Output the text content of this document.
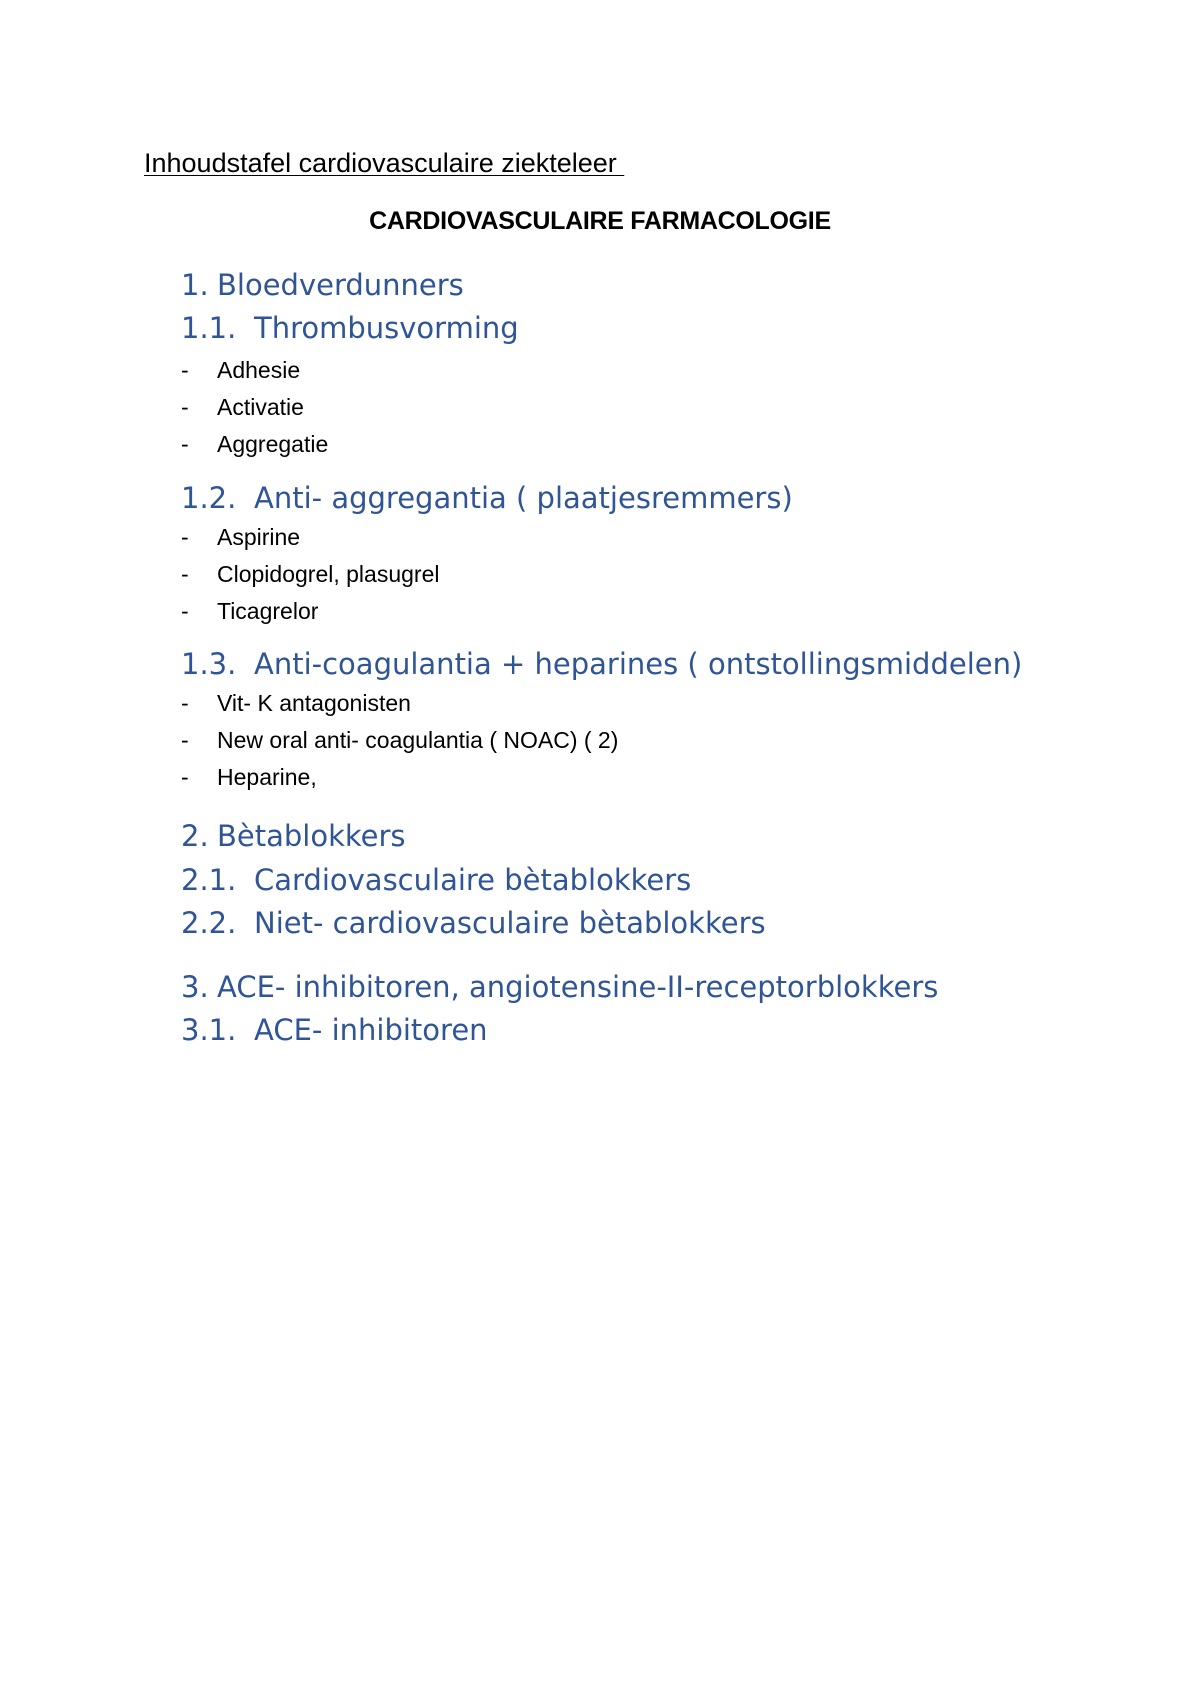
Inhoudstafel cardiovasculaire ziekteleer
CARDIOVASCULAIRE FARMACOLOGIE
1. Bloedverdunners
1.1. Thrombusvorming
- Adhesie
- Activatie
- Aggregatie
1.2. Anti- aggregantia ( plaatjesremmers)
- Aspirine
- Clopidogrel, plasugrel
- Ticagrelor
1.3. Anti-coagulantia + heparines ( ontstollingsmiddelen)
- Vit- K antagonisten
- New oral anti- coagulantia ( NOAC) ( 2)
- Heparine,
2. Bètablokkers
2.1. Cardiovasculaire bètablokkers
2.2. Niet- cardiovasculaire bètablokkers
3. ACE- inhibitoren, angiotensine-II-receptorblokkers
3.1. ACE- inhibitoren
